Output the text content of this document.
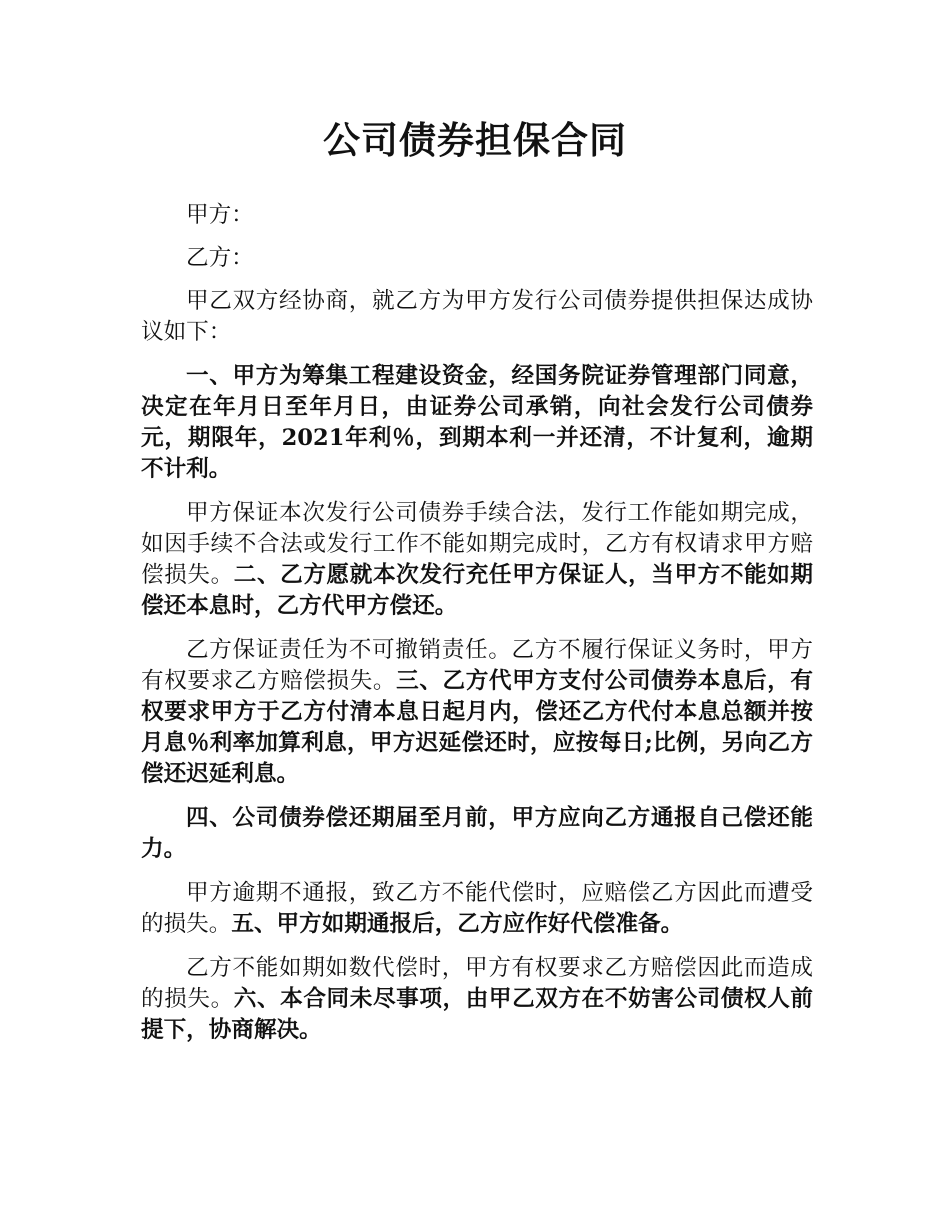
公司债券担保合同

甲方：

乙方：

甲乙双方经协商，就乙方为甲方发行公司债券提供担保达成协议如下：

一、甲方为筹集工程建设资金，经国务院证券管理部门同意，决定在年月日至年月日，由证券公司承销，向社会发行公司债券元，期限年，2021年利％，到期本利一并还清，不计复利，逾期不计利。

甲方保证本次发行公司债券手续合法，发行工作能如期完成，如因手续不合法或发行工作不能如期完成时，乙方有权请求甲方赔偿损失。二、乙方愿就本次发行充任甲方保证人，当甲方不能如期偿还本息时，乙方代甲方偿还。

乙方保证责任为不可撤销责任。乙方不履行保证义务时，甲方有权要求乙方赔偿损失。三、乙方代甲方支付公司债券本息后，有权要求甲方于乙方付清本息日起月内，偿还乙方代付本息总额并按月息％利率加算利息，甲方迟延偿还时，应按每日;比例，另向乙方偿还迟延利息。

四、公司债券偿还期届至月前，甲方应向乙方通报自己偿还能力。

甲方逾期不通报，致乙方不能代偿时，应赔偿乙方因此而遭受的损失。五、甲方如期通报后，乙方应作好代偿准备。

乙方不能如期如数代偿时，甲方有权要求乙方赔偿因此而造成的损失。六、本合同未尽事项，由甲乙双方在不妨害公司债权人前提下，协商解决。
